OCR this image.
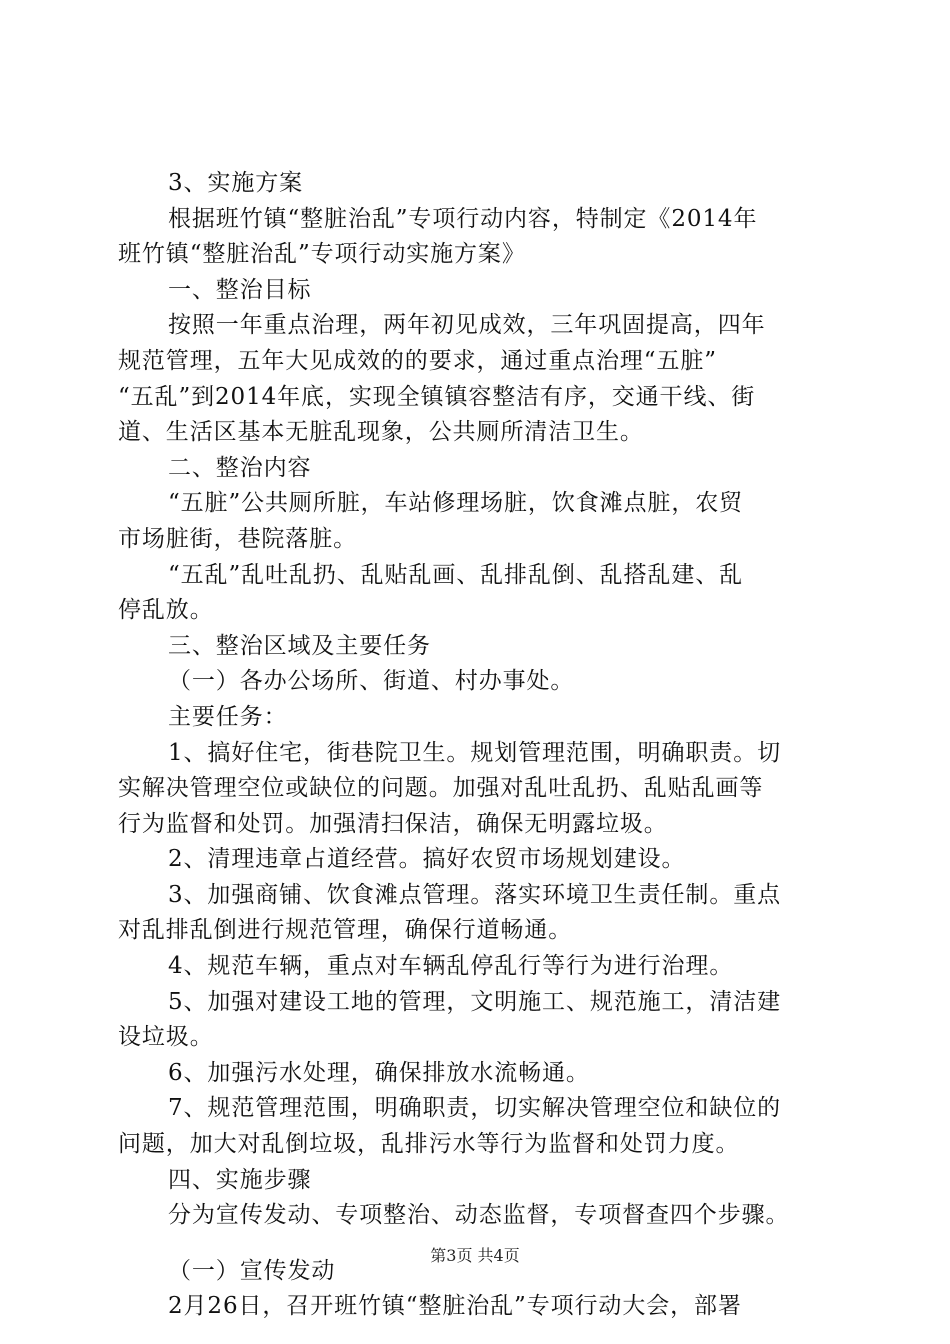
3、实施方案
根据班竹镇“整脏治乱”专项行动内容，特制定《2014年
班竹镇“整脏治乱”专项行动实施方案》
一、整治目标
按照一年重点治理，两年初见成效，三年巩固提高，四年
规范管理，五年大见成效的的要求，通过重点治理“五脏”
“五乱”到2014年底，实现全镇镇容整洁有序，交通干线、街
道、生活区基本无脏乱现象，公共厕所清洁卫生。
二、整治内容
“五脏”公共厕所脏，车站修理场脏，饮食滩点脏，农贸
市场脏街，巷院落脏。
“五乱”乱吐乱扔、乱贴乱画、乱排乱倒、乱搭乱建、乱
停乱放。
三、整治区域及主要任务
（一）各办公场所、街道、村办事处。
主要任务：
1、搞好住宅，街巷院卫生。规划管理范围，明确职责。切
实解决管理空位或缺位的问题。加强对乱吐乱扔、乱贴乱画等
行为监督和处罚。加强清扫保洁，确保无明露垃圾。
2、清理违章占道经营。搞好农贸市场规划建设。
3、加强商铺、饮食滩点管理。落实环境卫生责任制。重点
对乱排乱倒进行规范管理，确保行道畅通。
4、规范车辆，重点对车辆乱停乱行等行为进行治理。
5、加强对建设工地的管理，文明施工、规范施工，清洁建
设垃圾。
6、加强污水处理，确保排放水流畅通。
7、规范管理范围，明确职责，切实解决管理空位和缺位的
问题，加大对乱倒垃圾，乱排污水等行为监督和处罚力度。
四、实施步骤
分为宣传发动、专项整治、动态监督，专项督查四个步骤。
（一）宣传发动
2月26日，召开班竹镇“整脏治乱”专项行动大会，部署
第3页 共4页
